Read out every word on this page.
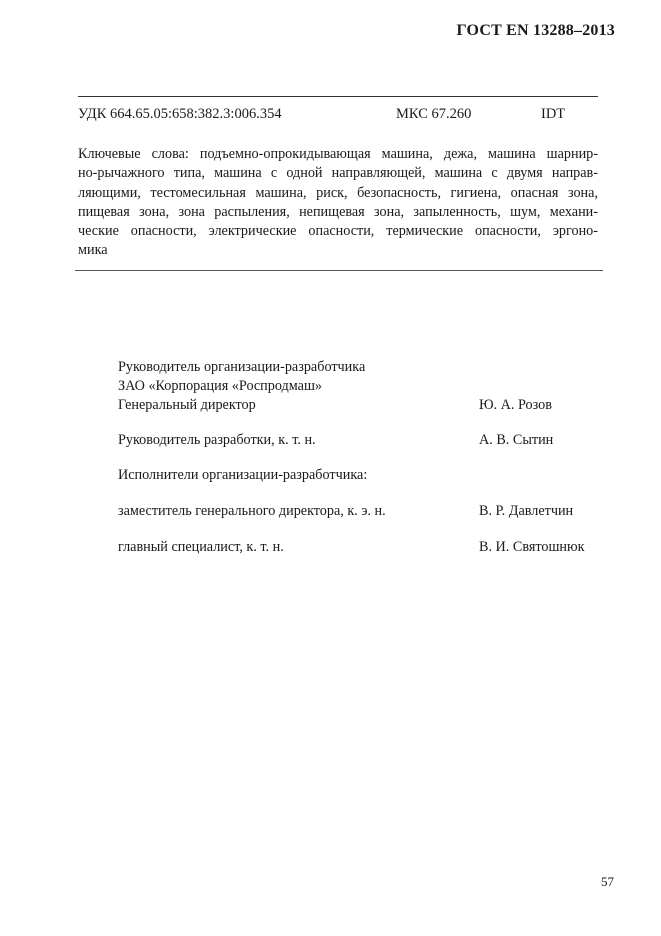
ГОСТ EN 13288–2013
УДК 664.65.05:658:382.3:006.354	МКС 67.260	IDT
Ключевые слова: подъемно-опрокидывающая машина, дежа, машина шарнир-
но-рычажного типа, машина с одной направляющей, машина с двумя направ-
ляющими, тестомесильная машина, риск, безопасность, гигиена, опасная зона,
пищевая зона, зона распыления, непищевая зона, запыленность, шум, механи-
ческие опасности, электрические опасности, термические опасности, эргоно-
мика
Руководитель организации-разработчика
ЗАО «Корпорация «Роспродмаш»
Генеральный директор	Ю. А. Розов
Руководитель разработки, к. т. н.	А. В. Сытин
Исполнители организации-разработчика:
заместитель генерального директора, к. э. н.	В. Р. Давлетчин
главный специалист, к. т. н.	В. И. Святошнюк
57
